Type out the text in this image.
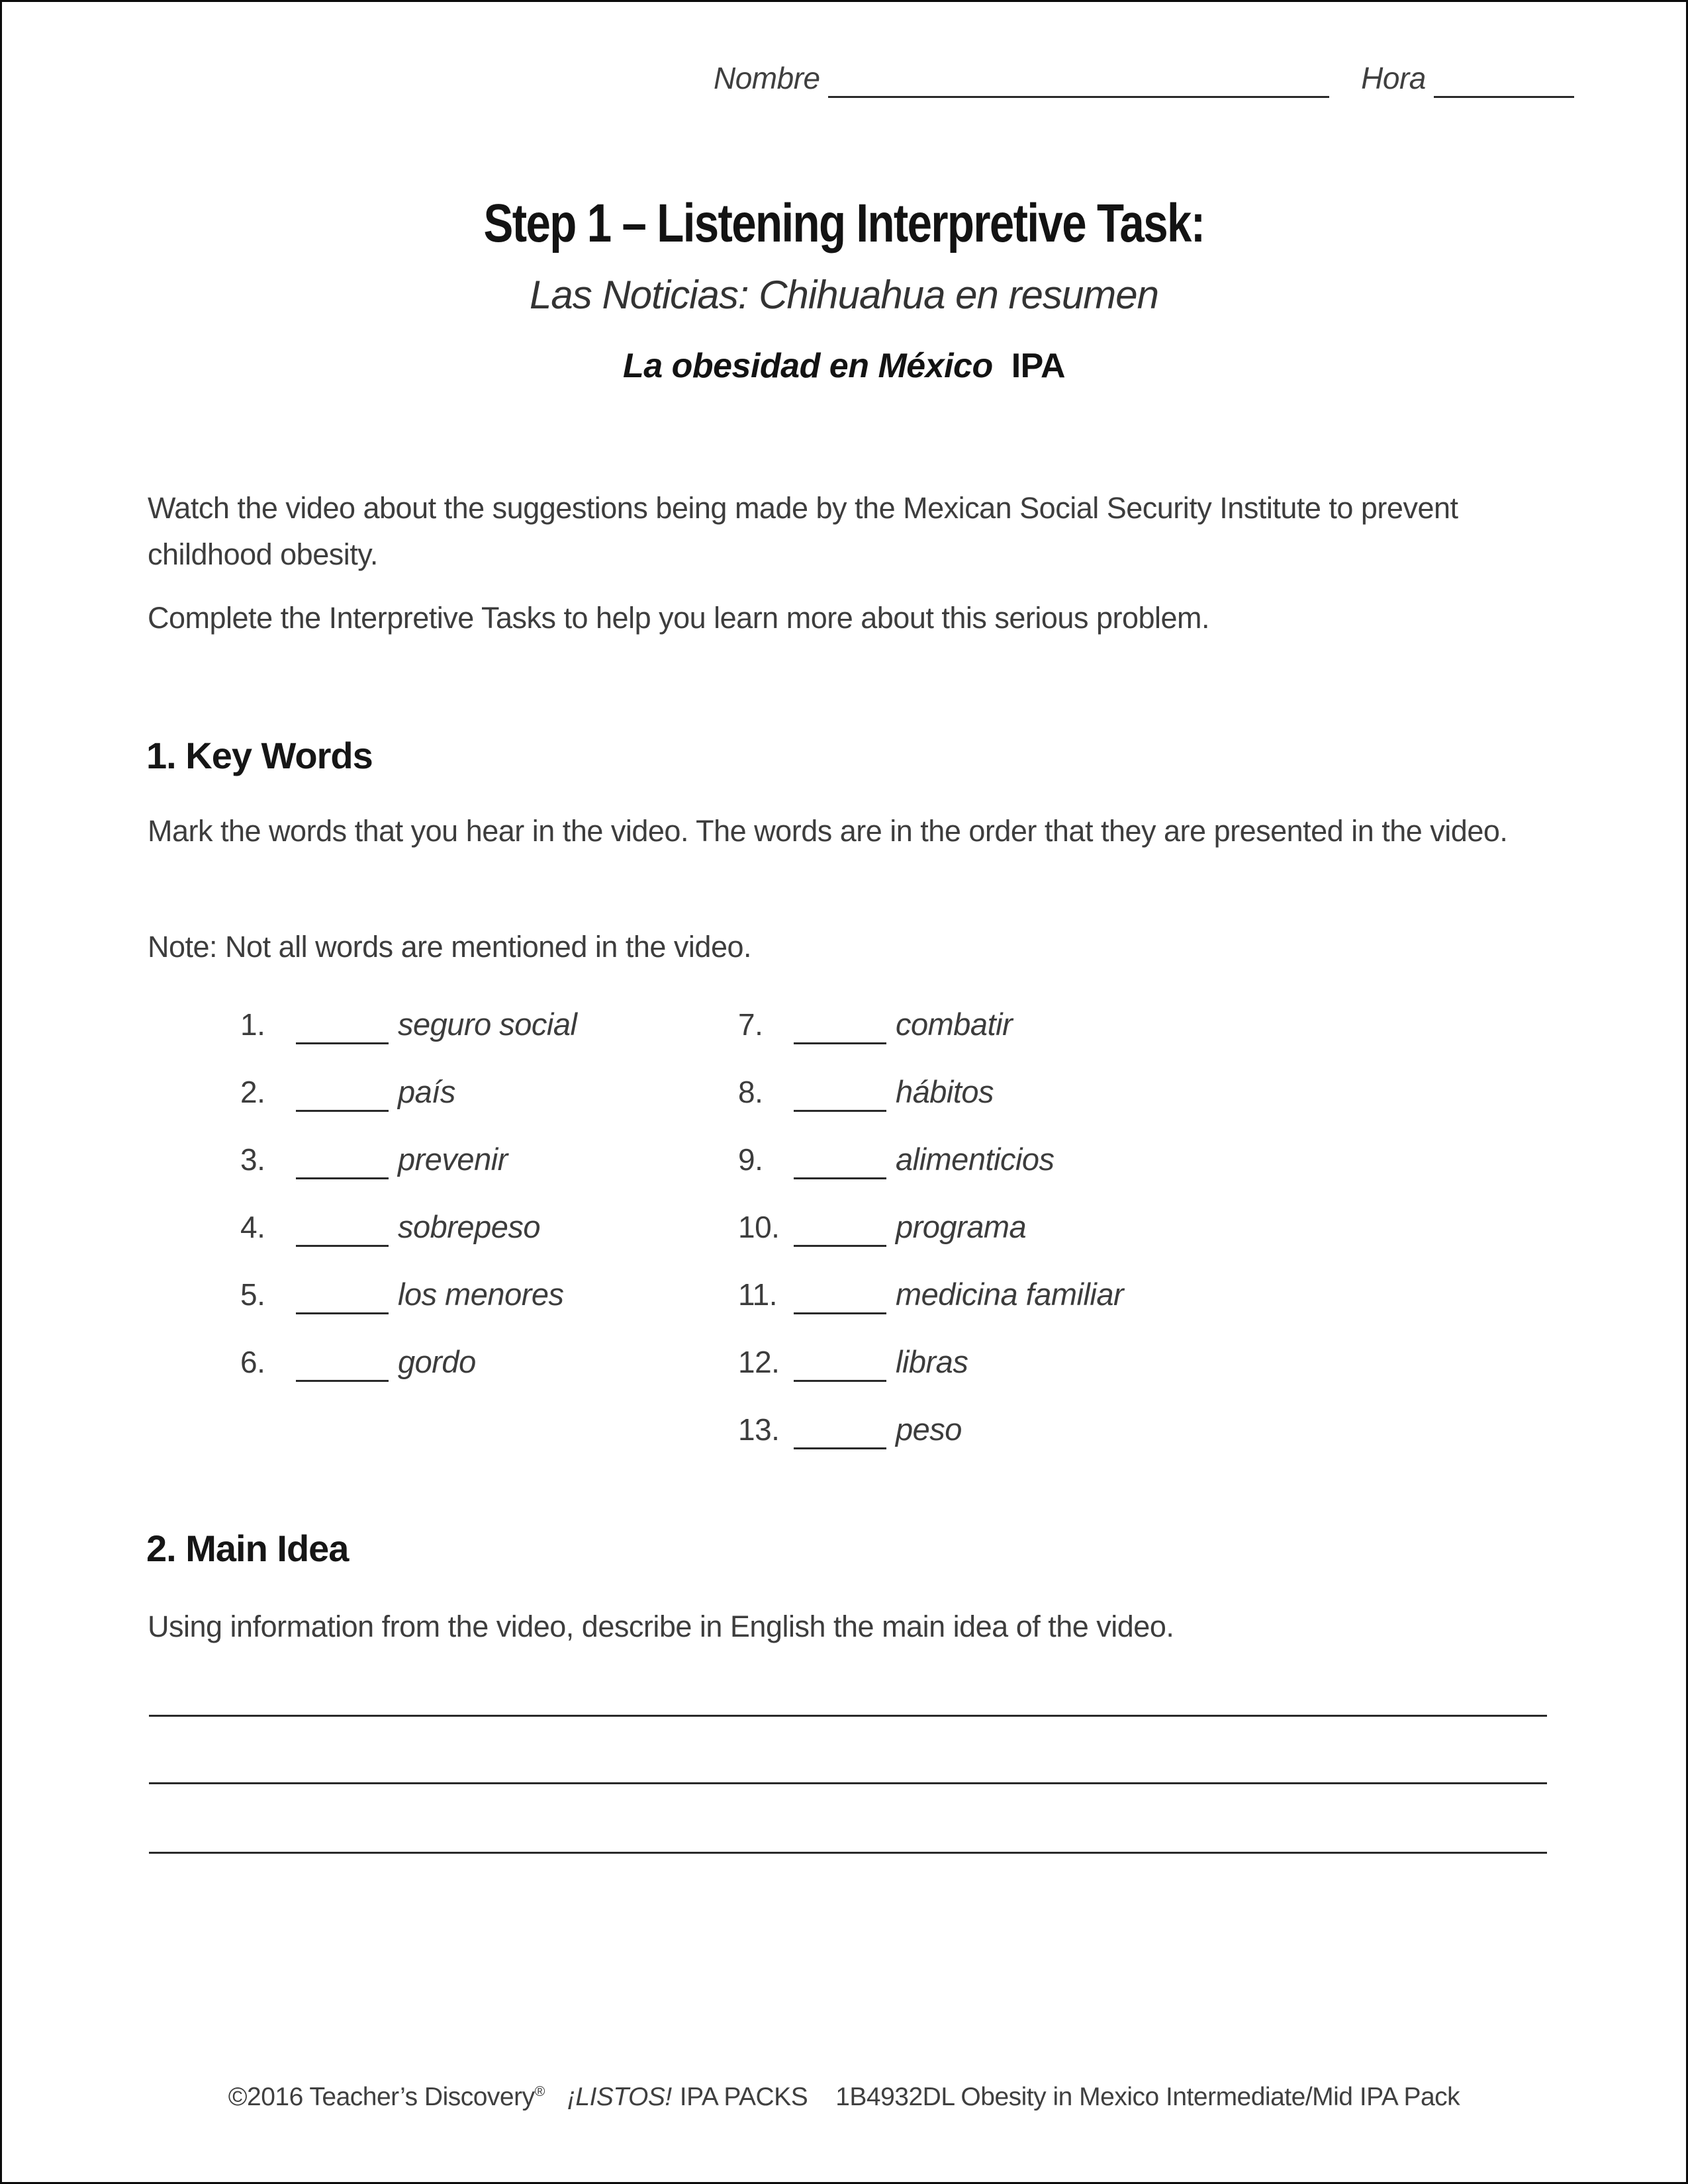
Nombre	Hora
Step 1 – Listening Interpretive Task:
Las Noticias: Chihuahua en resumen
La obesidad en México IPA
Watch the video about the suggestions being made by the Mexican Social Security Institute to prevent childhood obesity.
Complete the Interpretive Tasks to help you learn more about this serious problem.
1. Key Words
Mark the words that you hear in the video. The words are in the order that they are presented in the video.
Note: Not all words are mentioned in the video.
1.	seguro social
2.	país
3.	prevenir
4.	sobrepeso
5.	los menores
6.	gordo
7.	combatir
8.	hábitos
9.	alimenticios
10.	programa
11.	medicina familiar
12.	libras
13.	peso
2. Main Idea
Using information from the video, describe in English the main idea of the video.
©2016 Teacher’s Discovery® ¡LISTOS! IPA PACKS 1B4932DL Obesity in Mexico Intermediate/Mid IPA Pack
